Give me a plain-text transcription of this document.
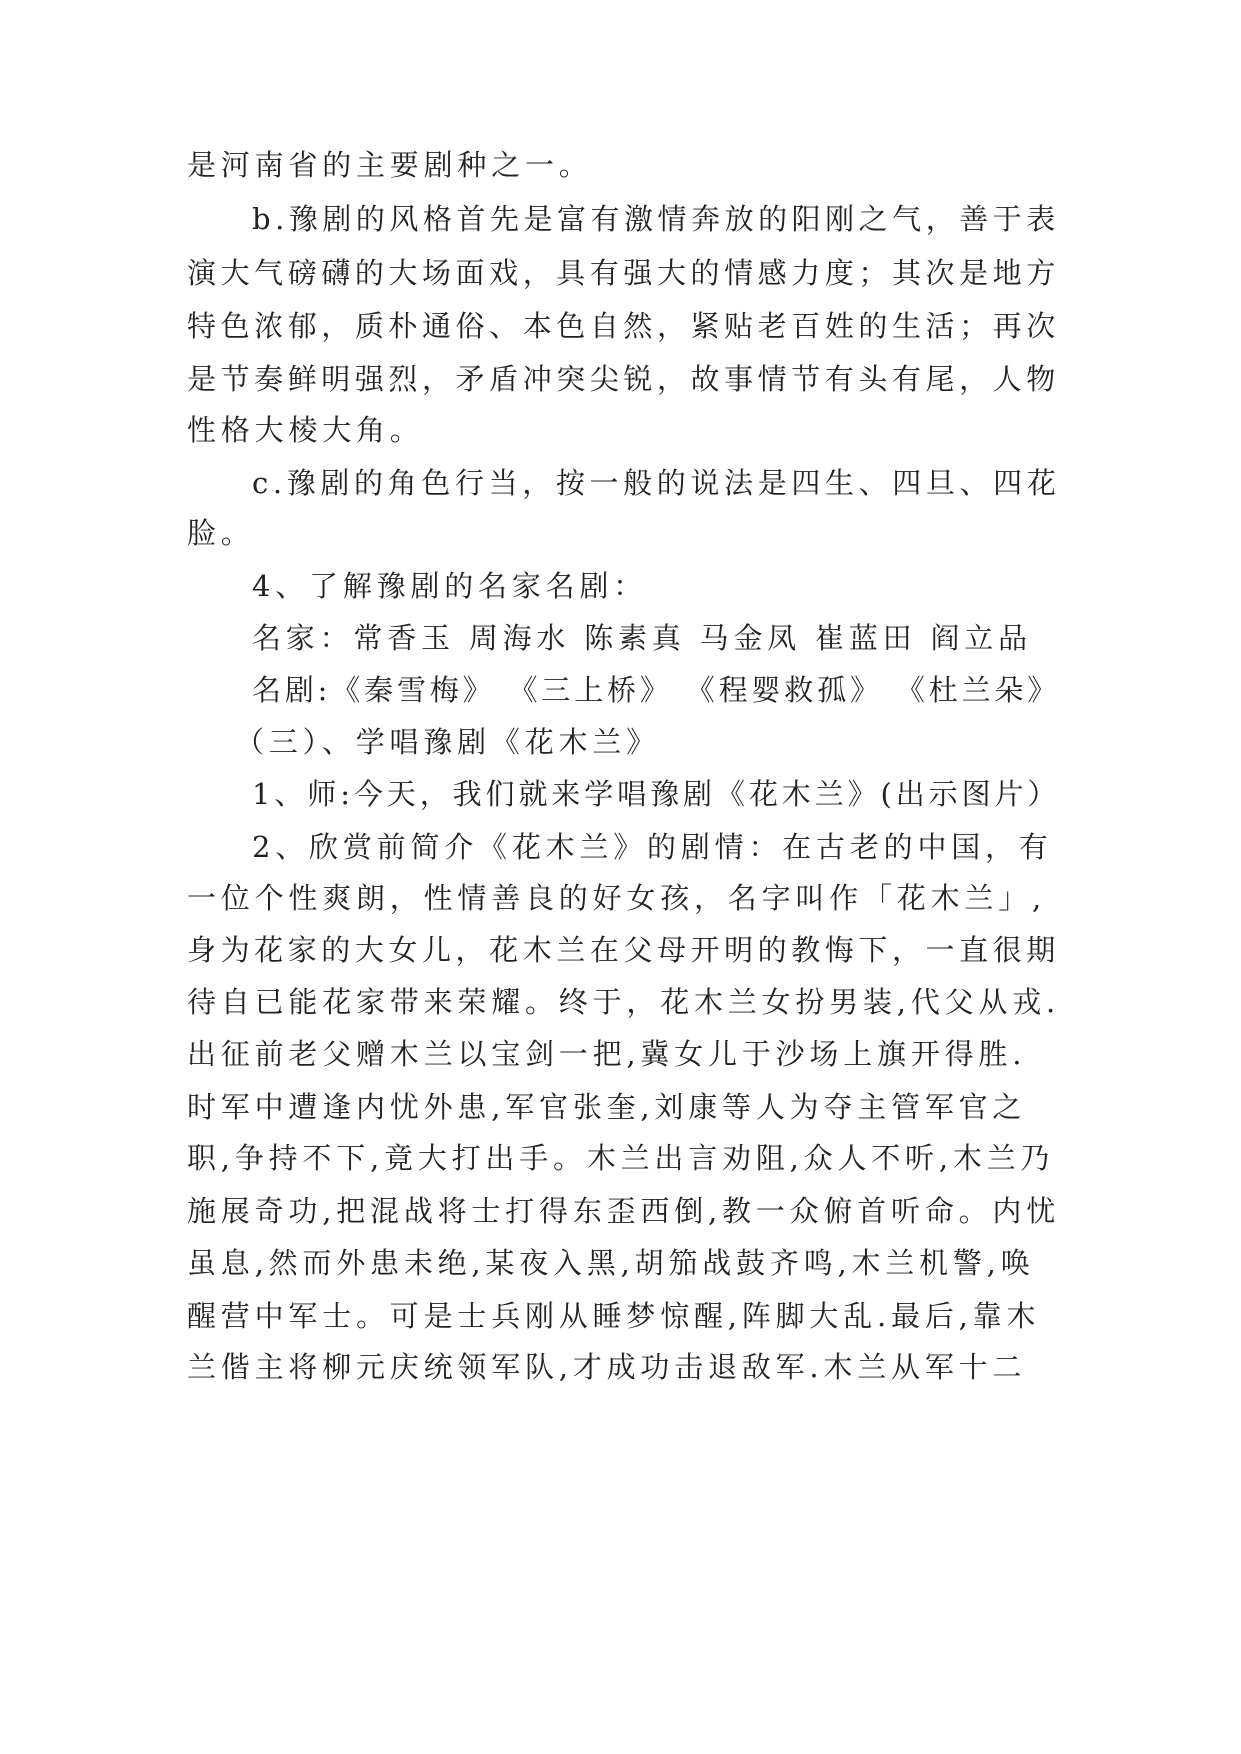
是河南省的主要剧种之一。

b.豫剧的风格首先是富有激情奔放的阳刚之气，善于表

演大气磅礴的大场面戏，具有强大的情感力度；其次是地方

特色浓郁，质朴通俗、本色自然，紧贴老百姓的生活；再次

是节奏鲜明强烈，矛盾冲突尖锐，故事情节有头有尾，人物

性格大棱大角。

c.豫剧的角色行当，按一般的说法是四生、四旦、四花

脸。

4、了解豫剧的名家名剧：

名家：常香玉 周海水 陈素真 马金凤 崔蓝田 阎立品

名剧:《秦雪梅》 《三上桥》 《程婴救孤》 《杜兰朵》

（三）、学唱豫剧《花木兰》

1、师:今天，我们就来学唱豫剧《花木兰》(出示图片）

2、欣赏前简介《花木兰》的剧情：在古老的中国，有

一位个性爽朗，性情善良的好女孩，名字叫作「花木兰」,

身为花家的大女儿，花木兰在父母开明的教悔下，一直很期

待自已能花家带来荣耀。终于，花木兰女扮男装,代父从戎.

出征前老父赠木兰以宝剑一把,冀女儿于沙场上旗开得胜.

时军中遭逢内忧外患,军官张奎,刘康等人为夺主管军官之

职,争持不下,竟大打出手。木兰出言劝阻,众人不听,木兰乃

施展奇功,把混战将士打得东歪西倒,教一众俯首听命。内忧

虽息,然而外患未绝,某夜入黑,胡笳战鼓齐鸣,木兰机警,唤

醒营中军士。可是士兵刚从睡梦惊醒,阵脚大乱.最后,靠木

兰偕主将柳元庆统领军队,才成功击退敌军.木兰从军十二
